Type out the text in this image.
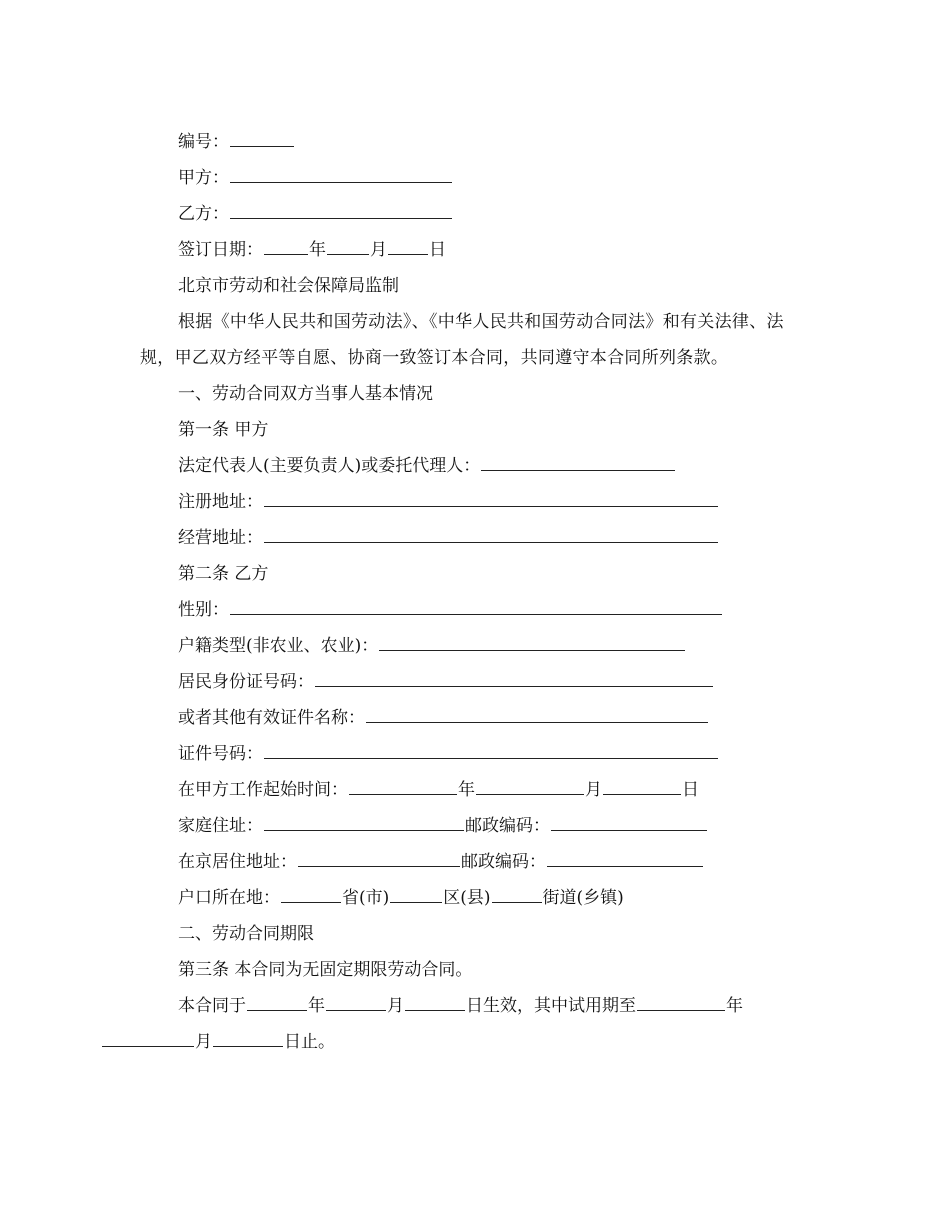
编号：
甲方：
乙方：
签订日期：	年	月 日
北京市劳动和社会保障局监制
根据《中华人民共和国劳动法》、《中华人民共和国劳动合同法》和有关法律、法规，甲乙双方经平等自愿、协商一致签订本合同，共同遵守本合同所列条款。
一、劳动合同双方当事人基本情况
第一条 甲方
法定代表人(主要负责人)或委托代理人：
注册地址：
经营地址：
第二条 乙方
性别：
户籍类型(非农业、农业)：
居民身份证号码：
或者其他有效证件名称：
证件号码：
在甲方工作起始时间：	年	月	日
家庭住址：	邮政编码：
在京居住地址：	邮政编码：
户口所在地：	省(市)	区(县)	街道(乡镇)
二、劳动合同期限
第三条 本合同为无固定期限劳动合同。
本合同于	年	月	日生效，其中试用期至	年
月	日止。
